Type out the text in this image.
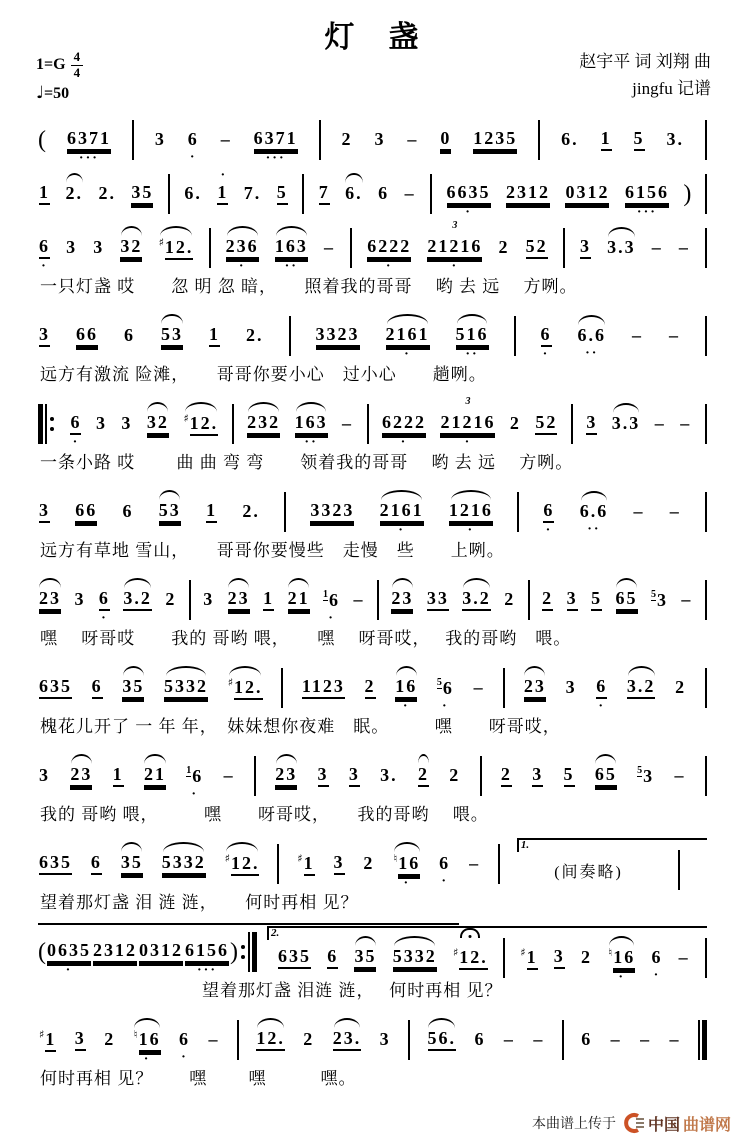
灯　盏
$1=G \frac{4}{4}$
♩=50
赵宇平 词 刘翔 曲
jingfu 记谱
( 6371
···
3 6
·
– 6371
···
2 3 – 0 1235 6. 1 5 3.
1 2. 2. 35 6. 1
·
7. 5 7 6. 6 – 6635
·
2312 0312 6156
···
)
6
·
3 3 32 ♯12. 236
·
163
··
– 6222
·
21216
3
·
2 52 3 3.3 – –
一只灯盏 哎　　忽 明 忽 暗，　　照着我的哥哥　 哟 去 远　 方咧。
3 66 6 53 1 2.	3323 2161
·
516
··
6
·
6.6
··
– –
远方有激流 险滩，　　哥哥你要小心　过小心　　趟咧。
6
·
3 3 32 ♯12. 232 163
··
– 6222
·
21216
3
·
2 52 3 3.3 – –
一条小路 哎　　 曲 曲 弯 弯　　领着我的哥哥　 哟 去 远　 方咧。
3 66 6 53 1 2.	3323 2161
·
1216
·
6
·
6.6
··
– –
远方有草地 雪山，　　哥哥你要慢些　走慢　些　　上咧。
23 3 6
·
3.2 2 3 23 1 21 $^1$6
·
– 23 33 3.2 2 2 3 5 65 $^5$3 –
嘿　 呀哥哎　　我的 哥哟 喂，　　嘿　 呀哥哎，　 我的哥哟　喂。
635 6 35 5332 ♯12. 1123 2 16
·
$^5$6
·
– 23 3 6
·
3.2 2
槐花儿开了 一 年 年，　妹妹想你夜难　眠。　　　嘿　　呀哥哎，
3 23 1 21 $^1$6
·
– 23 3 3 3. 2 2 2 3 5 65 $^5$3 –
我的 哥哟 喂，　　　嘿　　呀哥哎，　　我的哥哟　 喂。
635 6 35 5332 ♯12.	♯1 3 2 ♮16
·
6
·
–
1.
(间奏略)
望着那灯盏 泪 涟 涟，　　何时再相 见？
( 0635
·
2312 0312 6156
···
)
2.
635 6 35 5332 ♯12.	♯1 3 2 ♮16
·
6
·
–
　　　　　　　　　望着那灯盏 泪涟 涟，　 何时再相 见？
♯1 3 2 ♮16
·
6
·
– 12. 2 23. 3 56. 6 – – 6 – – –
何时再相 见？　　嘿　　 嘿　　　嘿。
本曲谱上传于 中国 曲谱网
